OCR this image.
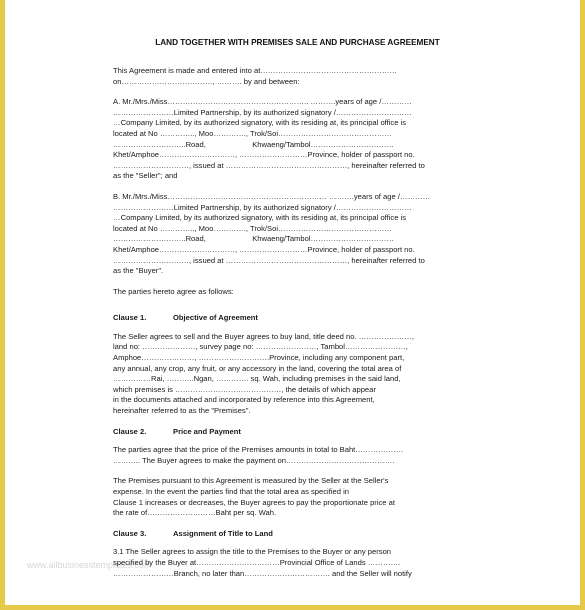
LAND TOGETHER WITH PREMISES SALE AND PURCHASE AGREEMENT
www.allbusinesstemplates.com
This Agreement is made and entered into at………………………………………………
on………………………………, ………. by and between:
A. Mr./Mrs./Miss……………………………………………….. ……….years of age /…………
……………………Limited Partnership, by its authorized signatory /…………………………
…Company Limited, by its authorized signatory, with its residing at, its principal office is
located at No ………….., Moo…………., Trok/Soi………………………………………
………………………..Road,                      Khwaeng/Tambol……………………………
Khet/Amphoe…………………………, ………………………Province, holder of passport no.
…………………………, issued at …………………………………………, hereinafter referred to
as the "Seller"; and
B. Mr./Mrs./Miss……………………………………………………… ……….years of age /…………
……………………Limited Partnership, by its authorized signatory /…………………………
…Company Limited, by its authorized signatory, with its residing at, its principal office is
located at No ………….., Moo…………., Trok/Soi………………………………………
………………………..Road,                      Khwaeng/Tambol……………………………
Khet/Amphoe…………………………, ………………………Province, holder of passport no.
…………………………, issued at …………………………………………, hereinafter referred to
as the "Buyer".
The parties hereto agree as follows:
Clause 1.	Objective of Agreement
The Seller agrees to sell and the Buyer agrees to buy land, title deed no. …………………,
land no: …………………, survey page no: ……………………, Tambol……………………,
Amphoe…………………, ……………………….Province, including any component part,
any annual, any crop, any fruit, or any accessory in the land, covering the total area of
……………Rai, ………..Ngan, …………. sq. Wah, including premises in the said land,
which premises is ……………………………………, the details of which appear
in the documents attached and incorporated by reference into this Agreement,
hereinafter referred to as the "Premises".
Clause 2.	Price and Payment
The parties agree that the price of the Premises amounts in total to Baht……………….
……….. The Buyer agrees to make the payment on…………………………………….
The Premises pursuant to this Agreement is measured by the Seller at the Seller's
expense. In the event the parties find that the total area as specified in
Clause 1 increases or decreases, the Buyer agrees to pay the proportionate price at
the rate of………………………Baht per sq. Wah.
Clause 3.	Assignment of Title to Land
3.1 The Seller agrees to assign the title to the Premises to the Buyer or any person
specified by the Buyer at……………………………Provincial Office of Lands ………….
……………………Branch, no later than……………………………. and the Seller will notify
